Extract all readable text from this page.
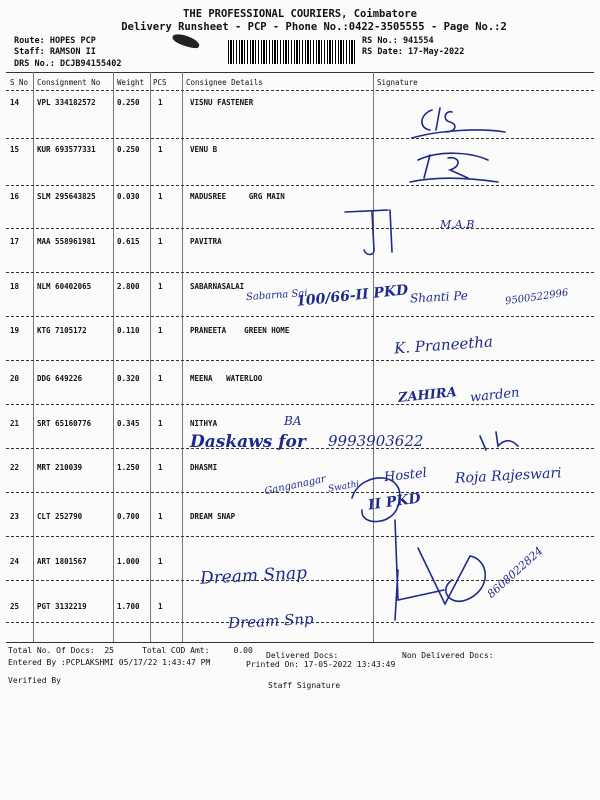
THE PROFESSIONAL COURIERS, Coimbatore
Delivery Runsheet - PCP - Phone No.:0422-3505555 - Page No.:2
Route: HOPES PCP
Staff: RAMSON II
DRS No.: DCJB94155402
RS No.: 941554
RS Date: 17-May-2022
S No Consignment No Weight PCS	Consignee Details	Signature
14 VPL 334182572	0.250 1	VISNU FASTENER
15 KUR 693577331	0.250 1	VENU B
16 SLM 295643825	0.030 1	MADUSREE     GRG MAIN
17 MAA 558961981	0.615 1	PAVITRA
18 NLM 60402065	2.800 1	SABARNASALAI
19 KTG 7105172	0.110 1	PRANEETA    GREEN HOME
20 DDG 649226	0.320 1	MEENA   WATERLOO
21 SRT 65160776	0.345 1	NITHYA
22 MRT 210039	1.250 1	DHASMI
23 CLT 252790	0.700 1	DREAM SNAP
24 ART 1801567	1.000 1
25 PGT 3132219	1.700 1
M.A.B
Sabarna Sai
100/66-II PKD Shanti Pe	9500522996
K. Praneetha
ZAHIRA warden
BA
Daskaws for 9993903622
Ganganagar Swathi
Hostel Roja Rajeswari
II PKD
Dream Snap	8608022824
Dream Snp
Total No. Of Docs:  25	Total COD Amt:     0.00
Delivered Docs:	Non Delivered Docs:
Entered By :PCPLAKSHMI 05/17/22 1:43:47 PM	Printed On: 17-05-2022 13:43:49
Verified By
Staff Signature
